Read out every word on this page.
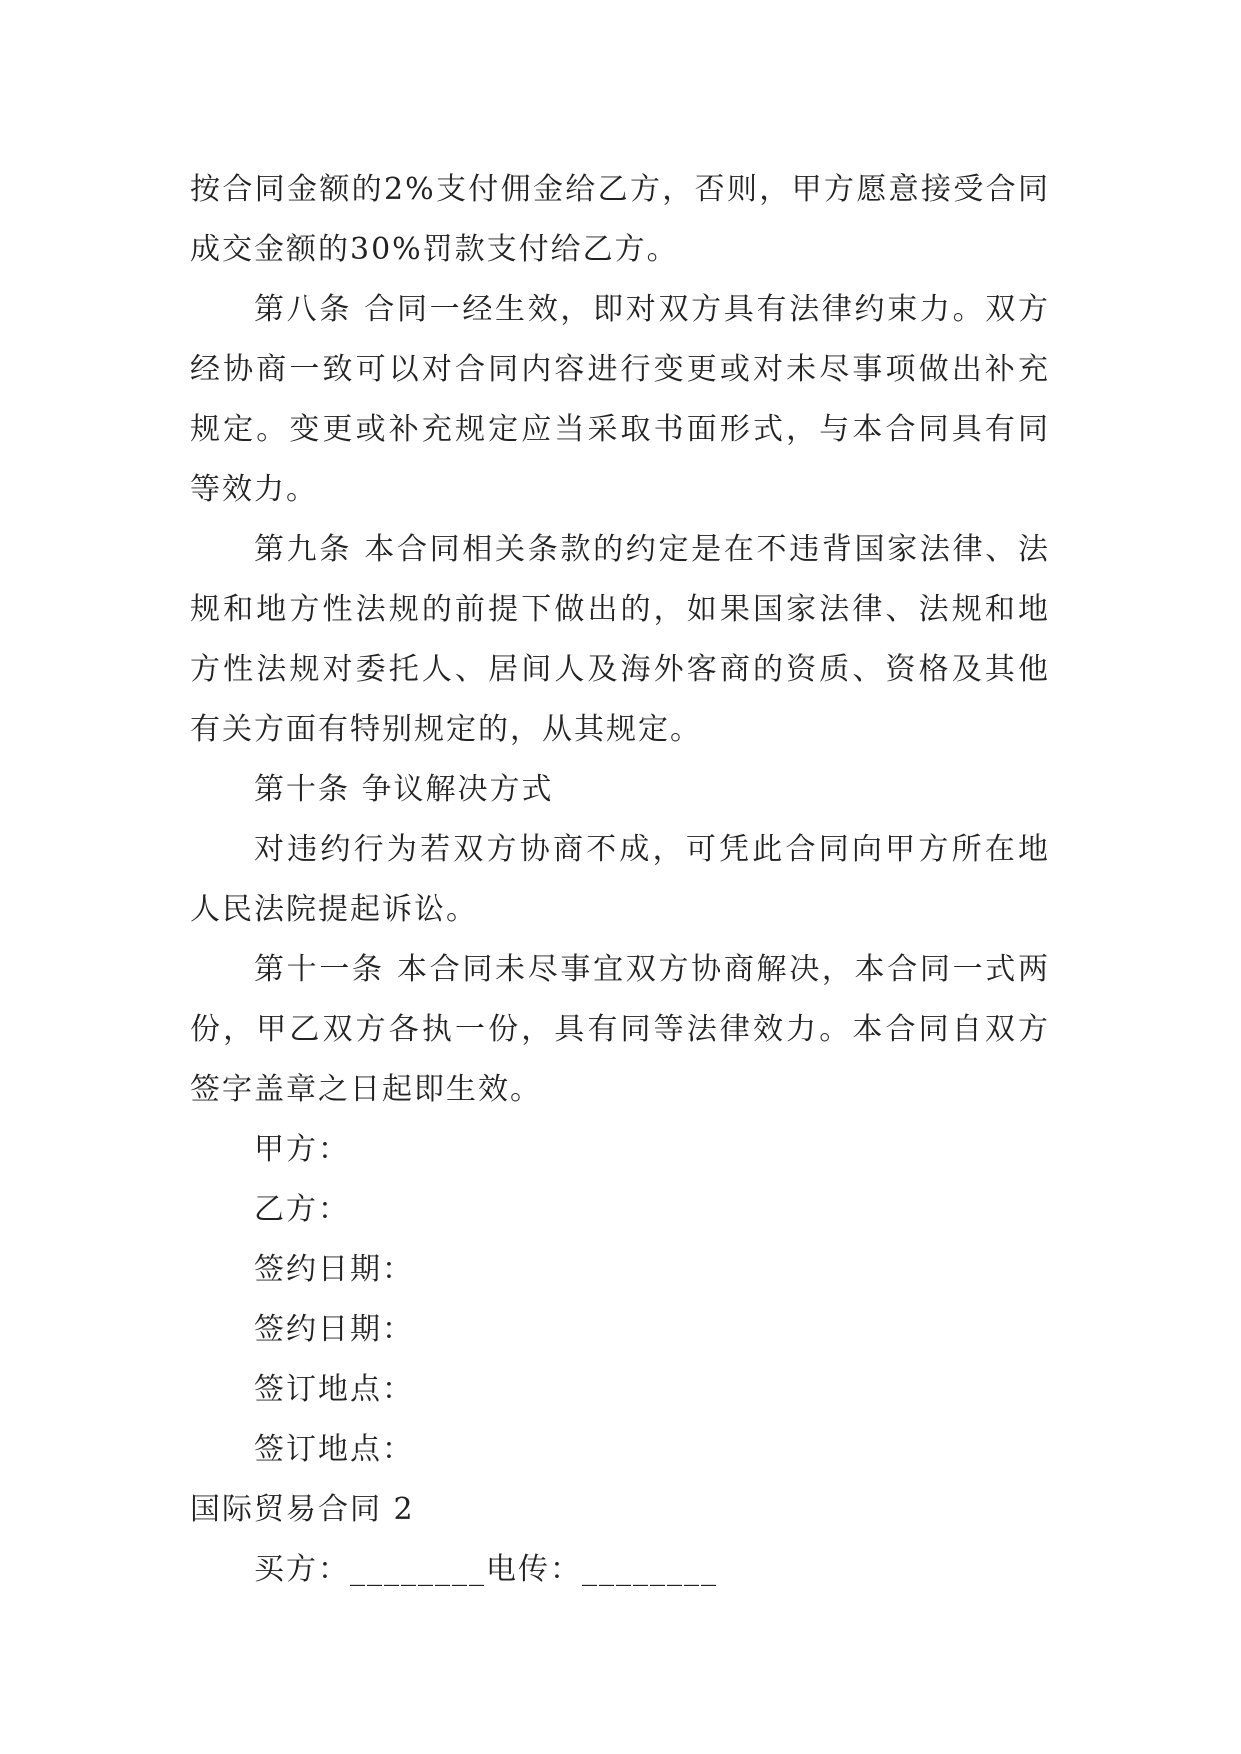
按合同金额的2%支付佣金给乙方，否则，甲方愿意接受合同成交金额的30%罚款支付给乙方。

第八条 合同一经生效，即对双方具有法律约束力。双方经协商一致可以对合同内容进行变更或对未尽事项做出补充规定。变更或补充规定应当采取书面形式，与本合同具有同等效力。

第九条 本合同相关条款的约定是在不违背国家法律、法规和地方性法规的前提下做出的，如果国家法律、法规和地方性法规对委托人、居间人及海外客商的资质、资格及其他有关方面有特别规定的，从其规定。

第十条 争议解决方式

对违约行为若双方协商不成，可凭此合同向甲方所在地人民法院提起诉讼。

第十一条 本合同未尽事宜双方协商解决，本合同一式两份，甲乙双方各执一份，具有同等法律效力。本合同自双方签字盖章之日起即生效。

甲方：

乙方：

签约日期：

签约日期：

签订地点：

签订地点：

国际贸易合同 2

买方：________电传：________
